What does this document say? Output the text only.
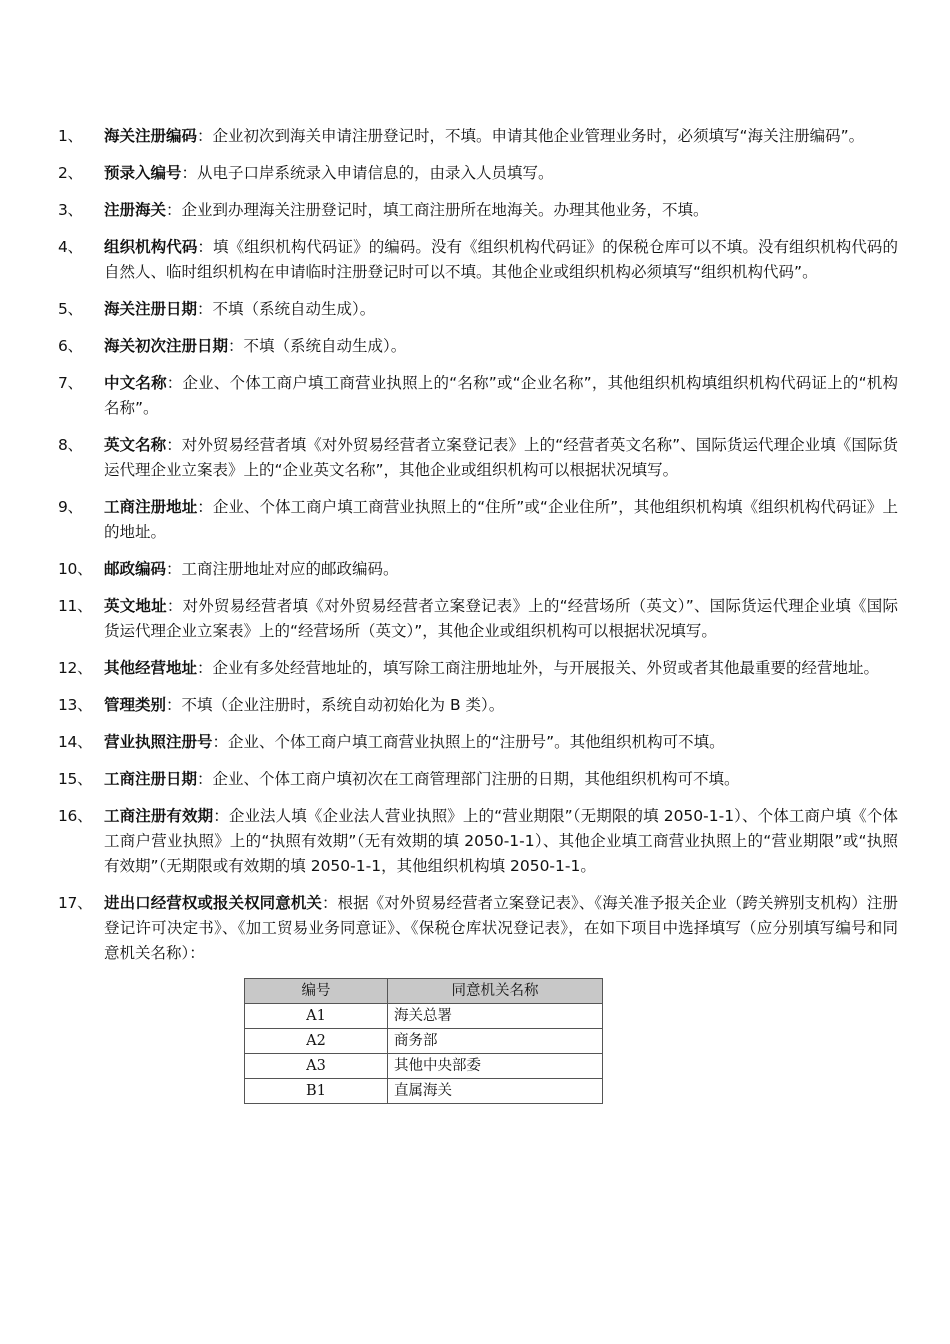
1、	海关注册编码：企业初次到海关申请注册登记时，不填。申请其他企业管理业务时，必须填写“海关注册编码”。
2、	预录入编号：从电子口岸系统录入申请信息的，由录入人员填写。
3、	注册海关：企业到办理海关注册登记时，填工商注册所在地海关。办理其他业务，不填。
4、	组织机构代码：填《组织机构代码证》的编码。没有《组织机构代码证》的保税仓库可以不填。没有组织机构代码的自然人、临时组织机构在申请临时注册登记时可以不填。其他企业或组织机构必须填写“组织机构代码”。
5、	海关注册日期：不填（系统自动生成）。
6、	海关初次注册日期：不填（系统自动生成）。
7、	中文名称：企业、个体工商户填工商营业执照上的“名称”或“企业名称”，其他组织机构填组织机构代码证上的“机构名称”。
8、	英文名称：对外贸易经营者填《对外贸易经营者立案登记表》上的“经营者英文名称”、国际货运代理企业填《国际货运代理企业立案表》上的“企业英文名称”，其他企业或组织机构可以根据状况填写。
9、	工商注册地址：企业、个体工商户填工商营业执照上的“住所”或“企业住所”，其他组织机构填《组织机构代码证》上的地址。
10、 邮政编码：工商注册地址对应的邮政编码。
11、 英文地址：对外贸易经营者填《对外贸易经营者立案登记表》上的“经营场所（英文）”、国际货运代理企业填《国际货运代理企业立案表》上的“经营场所（英文）”，其他企业或组织机构可以根据状况填写。
12、 其他经营地址：企业有多处经营地址的，填写除工商注册地址外，与开展报关、外贸或者其他最重要的经营地址。
13、 管理类别：不填（企业注册时，系统自动初始化为 B 类）。
14、 营业执照注册号：企业、个体工商户填工商营业执照上的“注册号”。其他组织机构可不填。
15、 工商注册日期：企业、个体工商户填初次在工商管理部门注册的日期，其他组织机构可不填。
16、 工商注册有效期：企业法人填《企业法人营业执照》上的“营业期限”（无期限的填 2050-1-1）、个体工商户填《个体工商户营业执照》上的“执照有效期”（无有效期的填 2050-1-1）、其他企业填工商营业执照上的“营业期限”或“执照有效期”（无期限或有效期的填 2050-1-1，其他组织机构填 2050-1-1。
17、 进出口经营权或报关权同意机关：根据《对外贸易经营者立案登记表》、《海关准予报关企业（跨关辨别支机构）注册登记许可决定书》、《加工贸易业务同意证》、《保税仓库状况登记表》，在如下项目中选择填写（应分别填写编号和同意机关名称）：
编号	同意机关名称
A1	海关总署
A2	商务部
A3	其他中央部委
B1	直属海关
